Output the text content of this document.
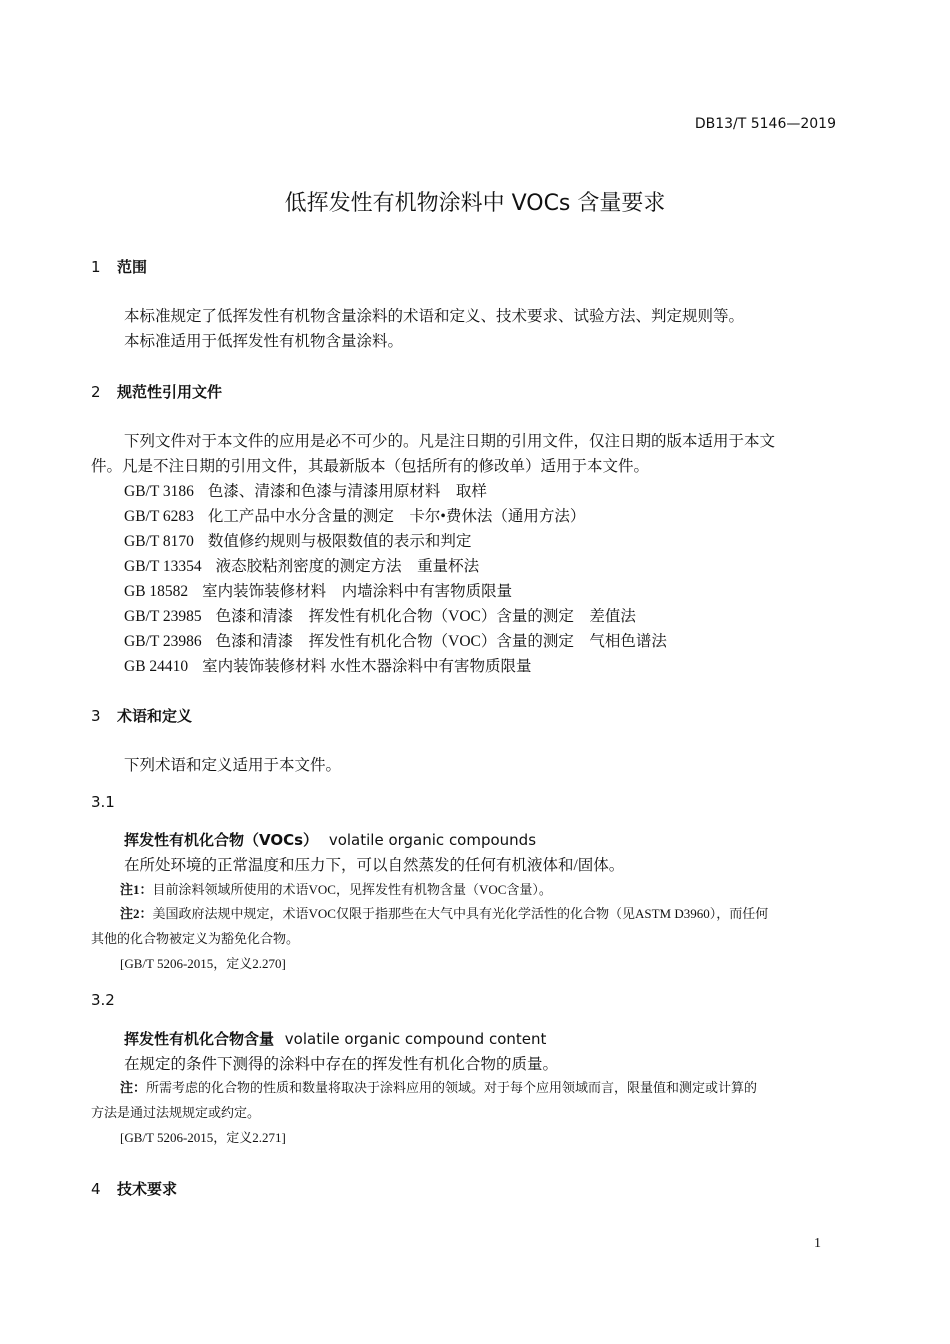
DB13/T 5146—2019
低挥发性有机物涂料中 VOCs 含量要求
1 范围
本标准规定了低挥发性有机物含量涂料的术语和定义、技术要求、试验方法、判定规则等。
本标准适用于低挥发性有机物含量涂料。
2 规范性引用文件
下列文件对于本文件的应用是必不可少的。凡是注日期的引用文件，仅注日期的版本适用于本文
件。凡是不注日期的引用文件，其最新版本（包括所有的修改单）适用于本文件。
GB/T 3186 色漆、清漆和色漆与清漆用原材料　取样
GB/T 6283 化工产品中水分含量的测定　卡尔•费休法（通用方法）
GB/T 8170 数值修约规则与极限数值的表示和判定
GB/T 13354 液态胶粘剂密度的测定方法　重量杯法
GB 18582 室内装饰装修材料　内墙涂料中有害物质限量
GB/T 23985 色漆和清漆　挥发性有机化合物（VOC）含量的测定　差值法
GB/T 23986 色漆和清漆　挥发性有机化合物（VOC）含量的测定　气相色谱法
GB 24410 室内装饰装修材料 水性木器涂料中有害物质限量
3 术语和定义
下列术语和定义适用于本文件。
3.1
挥发性有机化合物（VOCs） volatile organic compounds
在所处环境的正常温度和压力下，可以自然蒸发的任何有机液体和/固体。
注1：目前涂料领域所使用的术语VOC，见挥发性有机物含量（VOC含量）。
注2：美国政府法规中规定，术语VOC仅限于指那些在大气中具有光化学活性的化合物（见ASTM D3960），而任何
其他的化合物被定义为豁免化合物。
[GB/T 5206-2015，定义2.270]
3.2
挥发性有机化合物含量 volatile organic compound content
在规定的条件下测得的涂料中存在的挥发性有机化合物的质量。
注：所需考虑的化合物的性质和数量将取决于涂料应用的领域。对于每个应用领域而言，限量值和测定或计算的
方法是通过法规规定或约定。
[GB/T 5206-2015，定义2.271]
4 技术要求
1
